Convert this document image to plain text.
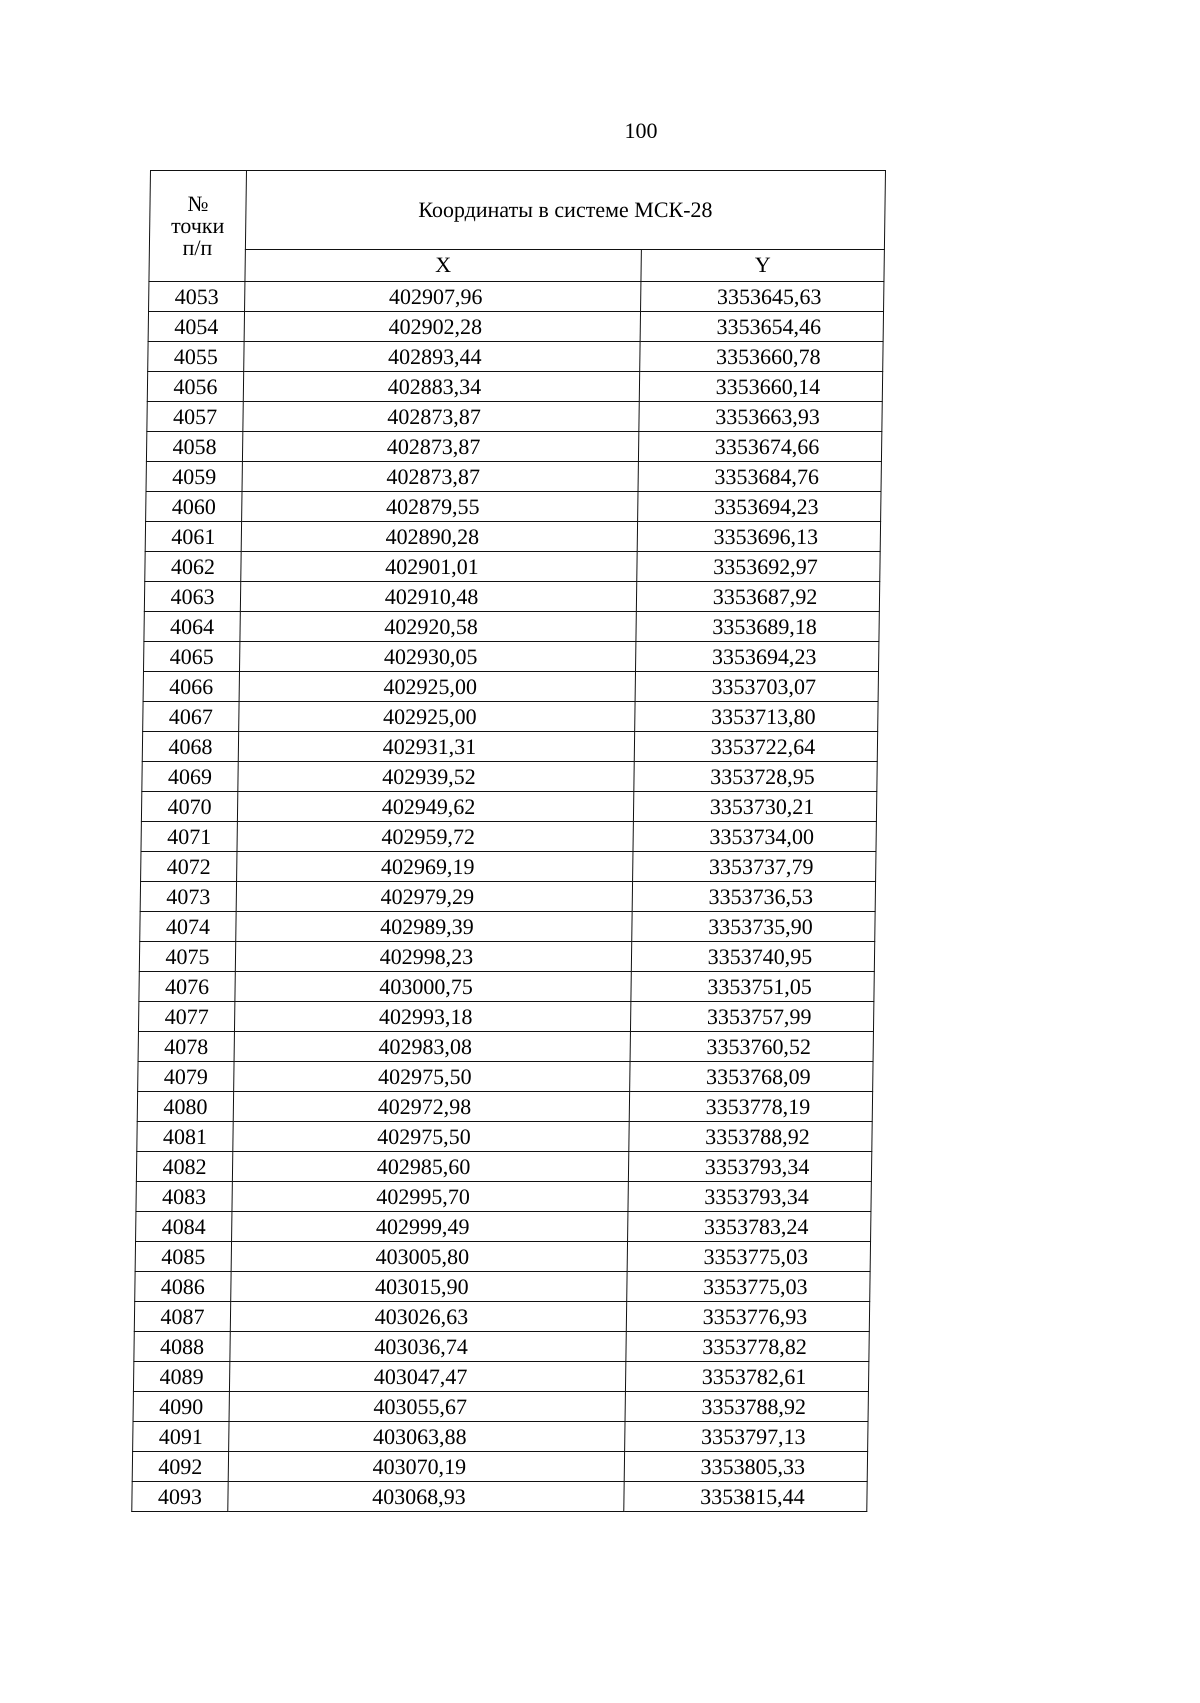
100
№
точки
п/п	Координаты в системе МСК-28	
	X	Y
4053	402907,96	3353645,63
4054	402902,28	3353654,46
4055	402893,44	3353660,78
4056	402883,34	3353660,14
4057	402873,87	3353663,93
4058	402873,87	3353674,66
4059	402873,87	3353684,76
4060	402879,55	3353694,23
4061	402890,28	3353696,13
4062	402901,01	3353692,97
4063	402910,48	3353687,92
4064	402920,58	3353689,18
4065	402930,05	3353694,23
4066	402925,00	3353703,07
4067	402925,00	3353713,80
4068	402931,31	3353722,64
4069	402939,52	3353728,95
4070	402949,62	3353730,21
4071	402959,72	3353734,00
4072	402969,19	3353737,79
4073	402979,29	3353736,53
4074	402989,39	3353735,90
4075	402998,23	3353740,95
4076	403000,75	3353751,05
4077	402993,18	3353757,99
4078	402983,08	3353760,52
4079	402975,50	3353768,09
4080	402972,98	3353778,19
4081	402975,50	3353788,92
4082	402985,60	3353793,34
4083	402995,70	3353793,34
4084	402999,49	3353783,24
4085	403005,80	3353775,03
4086	403015,90	3353775,03
4087	403026,63	3353776,93
4088	403036,74	3353778,82
4089	403047,47	3353782,61
4090	403055,67	3353788,92
4091	403063,88	3353797,13
4092	403070,19	3353805,33
4093	403068,93	3353815,44
